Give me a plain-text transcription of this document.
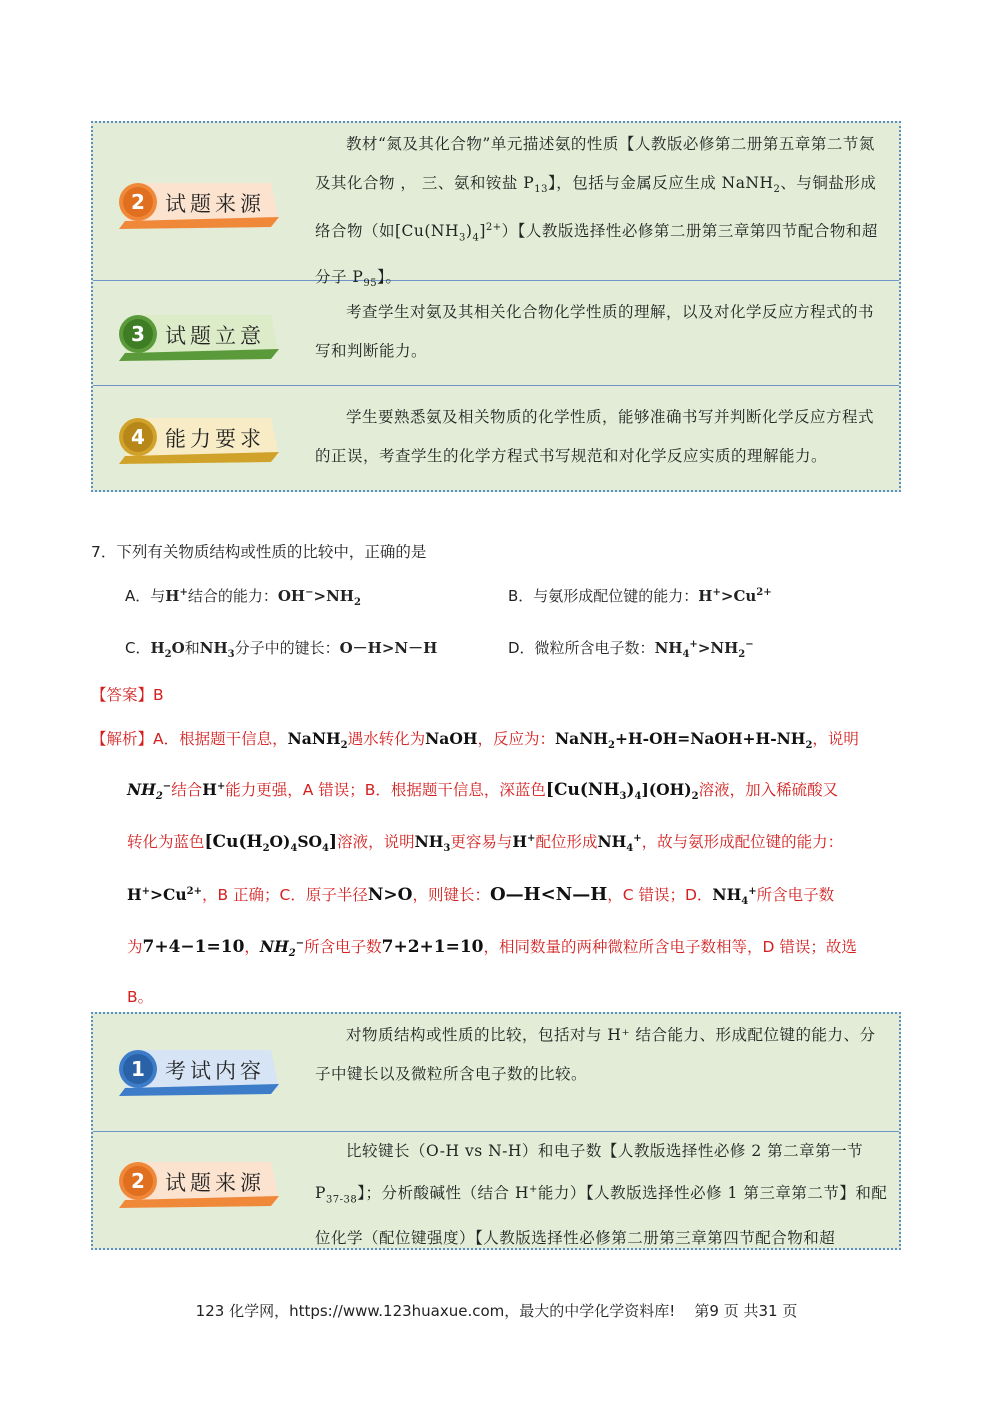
2 试题来源
教材“氮及其化合物”单元描述氨的性质【人教版必修第二册第五章第二节氮及其化合物 ， 三、氨和铵盐 $P_{13}$】，包括与金属反应生成 NaNH$_2$、与铜盐形成络合物（如$[Cu(NH_3)_4]^{2+}$）【人教版选择性必修第二册第三章第四节配合物和超分子 $P_{95}$】。
3 试题立意
考查学生对氨及其相关化合物化学性质的理解，以及对化学反应方程式的书写和判断能力。
4 能力要求
学生要熟悉氨及相关物质的化学性质，能够准确书写并判断化学反应方程式的正误，考查学生的化学方程式书写规范和对化学反应实质的理解能力。
7．下列有关物质结构或性质的比较中，正确的是
A．与H+结合的能力：$OH^->NH_2$	B．与氨形成配位键的能力：$H^+>Cu^{2+}$
C．$H_2O$和$NH_3$分子中的键长：O－H>N－H	D．微粒所含电子数：$NH_4^+>NH_2^-$
【答案】B
【解析】A．根据题干信息，NaNH$_2$遇水转化为NaOH，反应为：$NaNH_2+H-OH=NaOH+H-NH_2$，说明
$NH_2^-$结合H+能力更强，A 错误；B．根据题干信息，深蓝色$[Cu(NH_3)_4](OH)_2$溶液，加入稀硫酸又
转化为蓝色$[Cu(H_2O)_4SO_4]$溶液，说明$NH_3$更容易与H+配位形成$NH_4^+$，故与氨形成配位键的能力：
$H^+>Cu^{2+}$，B 正确；C．原子半径N>O，则键长：O—H<N—H，C 错误；D．$NH_4^+$所含电子数
为7+4−1=10，$NH_2^-$所含电子数7+2+1=10，相同数量的两种微粒所含电子数相等，D 错误；故选
B。
1 考试内容
对物质结构或性质的比较，包括对与 H⁺ 结合能力、形成配位键的能力、分子中键长以及微粒所含电子数的比较。
2 试题来源
比较键长（O-H vs N-H）和电子数【人教版选择性必修 2 第二章第一节 $P_{37-38}$】；分析酸碱性（结合 H+能力）【人教版选择性必修 1 第三章第二节】和配位化学（配位键强度）【人教版选择性必修第二册第三章第四节配合物和超
123 化学网，https://www.123huaxue.com，最大的中学化学资料库! 第9 页 共31 页
